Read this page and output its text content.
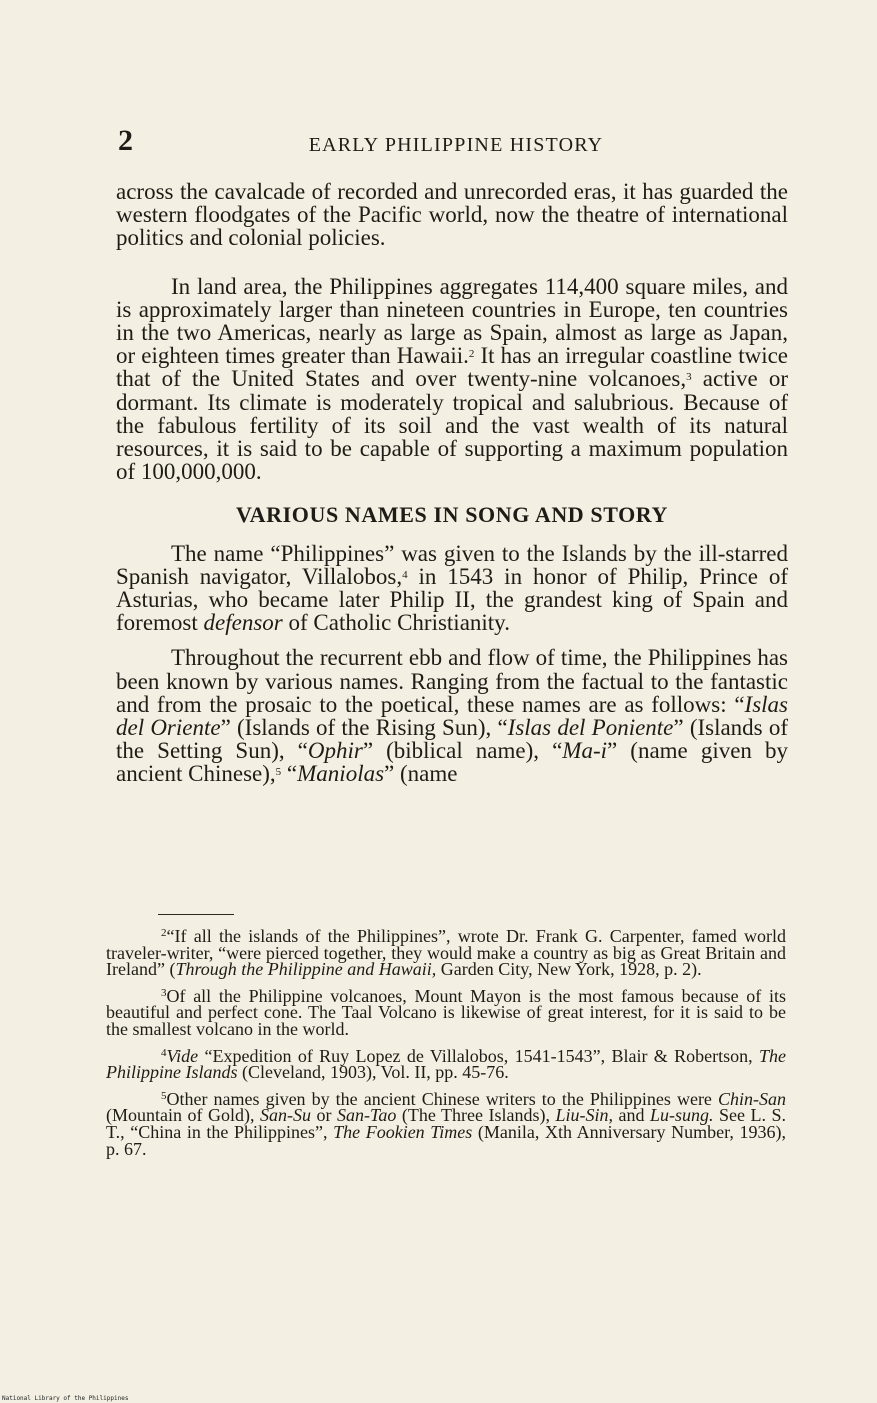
2	EARLY PHILIPPINE HISTORY

across the cavalcade of recorded and unrecorded eras, it has guarded the western floodgates of the Pacific world, now the theatre of international politics and colonial policies.

In land area, the Philippines aggregates 114,400 square miles, and is approximately larger than nineteen countries in Europe, ten countries in the two Americas, nearly as large as Spain, almost as large as Japan, or eighteen times greater than Hawaii.$^2$ It has an irregular coastline twice that of the United States and over twenty-nine volcanoes,$^3$ active or dormant. Its climate is moderately tropical and salubrious. Because of the fabulous fertility of its soil and the vast wealth of its natural resources, it is said to be capable of supporting a maximum population of 100,000,000.

VARIOUS NAMES IN SONG AND STORY

The name “Philippines” was given to the Islands by the ill-starred Spanish navigator, Villalobos,$^4$ in 1543 in honor of Philip, Prince of Asturias, who became later Philip II, the grandest king of Spain and foremost defensor of Catholic Christianity.

Throughout the recurrent ebb and flow of time, the Philippines has been known by various names. Ranging from the factual to the fantastic and from the prosaic to the poetical, these names are as follows: “Islas del Oriente” (Islands of the Rising Sun), “Islas del Poniente” (Islands of the Setting Sun), “Ophir” (biblical name), “Ma-i” (name given by ancient Chinese),$^5$ “Maniolas” (name

$^2$“If all the islands of the Philippines”, wrote Dr. Frank G. Carpenter, famed world traveler-writer, “were pierced together, they would make a country as big as Great Britain and Ireland” (Through the Philippine and Hawaii, Garden City, New York, 1928, p. 2).

$^3$Of all the Philippine volcanoes, Mount Mayon is the most famous because of its beautiful and perfect cone. The Taal Volcano is likewise of great interest, for it is said to be the smallest volcano in the world.

$^4$Vide “Expedition of Ruy Lopez de Villalobos, 1541-1543”, Blair & Robertson, The Philippine Islands (Cleveland, 1903), Vol. II, pp. 45-76.

$^5$Other names given by the ancient Chinese writers to the Philippines were Chin-San (Mountain of Gold), San-Su or San-Tao (The Three Islands), Liu-Sin, and Lu-sung. See L. S. T., “China in the Philippines”, The Fookien Times (Manila, Xth Anniversary Number, 1936), p. 67.

National Library of the Philippines
